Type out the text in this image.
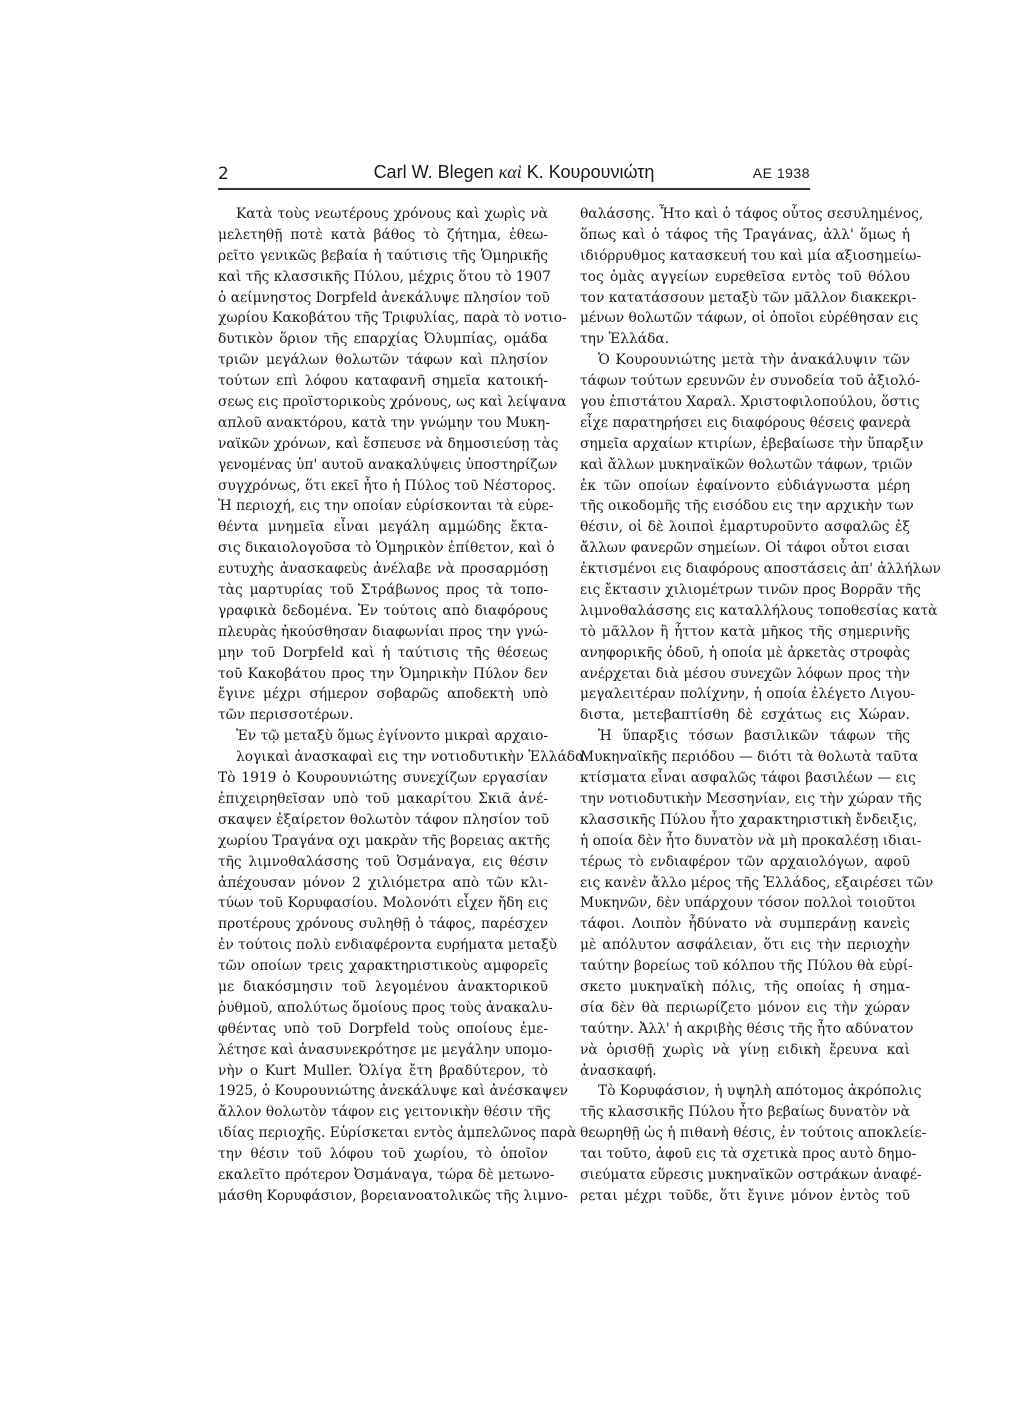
2	Carl W. Blegen καὶ Κ. Κουρουνιώτη	ΑΕ 1938
Κατὰ τοὺς νεωτέρους χρόνους καὶ χωρὶς νὰ
μελετηθῇ ποτὲ κατὰ βάθος τὸ ζήτημα, ἐθεω-
ρεῖτο γενικῶς βεβαία ἡ ταύτισις τῆς Ὁμηρικῆς
καὶ τῆς κλασσικῆς Πύλου, μέχρις ὅτου τὸ 1907
ὁ αείμνηστος Dorpfeld ἀνεκάλυψε πλησίον τοῦ
χωρίου Κακοβάτου τῆς Τριφυλίας, παρὰ τὸ νοτιο-
δυτικὸν ὅριον τῆς επαρχίας Ὀλυμπίας, ομάδα
τριῶν μεγάλων θολωτῶν τάφων καὶ πλησίον
τούτων επὶ λόφου καταφανῆ σημεῖα κατοική-
σεως εις προϊστορικοὺς χρόνους, ως καὶ λείψανα
απλοῦ ανακτόρου, κατὰ την γνώμην του Μυκη-
ναϊκῶν χρόνων, καὶ ἔσπευσε νὰ δημοσιεύσῃ τὰς
γενομένας ὑπ' αυτοῦ ανακαλύψεις ὑποστηρίζων
συγχρόνως, ὅτι εκεῖ ἦτο ἡ Πύλος τοῦ Νέστορος.
Ἡ περιοχή, εις την οποίαν εὑρίσκονται τὰ εὑρε-
θέντα μνημεῖα εἶναι μεγάλη αμμώδης ἔκτα-
σις δικαιολογοῦσα τὸ Ὁμηρικὸν ἐπίθετον, καὶ ὁ
ευτυχὴς ἀνασκαφεὺς ἀνέλαβε νὰ προσαρμόσῃ
τὰς μαρτυρίας τοῦ Στράβωνος προς τὰ τοπο-
γραφικὰ δεδομένα. Ἐν τούτοις απὸ διαφόρους
πλευρὰς ἠκούσθησαν διαφωνίαι προς την γνώ-
μην τοῦ Dorpfeld καὶ ἡ ταύτισις τῆς θέσεως
τοῦ Κακοβάτου προς την Ὁμηρικὴν Πύλον δεν
ἔγινε μέχρι σήμερον σοβαρῶς αποδεκτὴ υπὸ
τῶν περισσοτέρων.
Ἐν τῷ μεταξὺ ὅμως ἐγίνοντο μικραὶ αρχαιο-
λογικαὶ ἀνασκαφαὶ εις την νοτιοδυτικὴν Ἑλλάδα.
Τὸ 1919 ὁ Κουρουνιώτης συνεχίζων εργασίαν
ἐπιχειρηθεῖσαν υπὸ τοῦ μακαρίτου Σκιᾶ ἀνέ-
σκαψεν ἐξαίρετον θολωτὸν τάφον πλησίον τοῦ
χωρίου Τραγάνα οχι μακρὰν τῆς βορειας ακτῆς
τῆς λιμνοθαλάσσης τοῦ Ὀσμάναγα, εις θέσιν
ἀπέχουσαν μόνον 2 χιλιόμετρα απὸ τῶν κλι-
τύων τοῦ Κορυφασίου. Μολονότι εἶχεν ἤδη εις
προτέρους χρόνους συληθῇ ὁ τάφος, παρέσχεν
ἐν τούτοις πολὺ ενδιαφέροντα ευρήματα μεταξὺ
τῶν οποίων τρεις χαρακτηριστικοὺς αμφορεῖς
με διακόσμησιν τοῦ λεγομένου ἀνακτορικοῦ
ῥυθμοῦ, απολύτως ὅμοίους προς τοὺς ἀνακαλυ-
φθέντας υπὸ τοῦ Dorpfeld τοὺς οποίους ἐμε-
λέτησε καὶ ἀνασυνεκρότησε με μεγάλην υπομο-
νὴν ο Kurt Muller. Ὀλίγα ἔτη βραδύτερον, τὸ
1925, ὁ Κουρουνιώτης ἀνεκάλυψε καὶ ἀνέσκαψεν
ἄλλον θολωτὸν τάφον εις γειτονικὴν θέσιν τῆς
ιδίας περιοχῆς. Εὑρίσκεται εντὸς ἀμπελῶνος παρὰ
την θέσιν τοῦ λόφου τοῦ χωρίου, τὸ ὁποῖον
εκαλεῖτο πρότερον Ὀσμάναγα, τώρα δὲ μετωνο-
μάσθη Κορυφάσιον, βορειανοατολικῶς τῆς λιμνο-
θαλάσσης. Ἦτο καὶ ὁ τάφος οὗτος σεσυλημένος,
ὅπως καὶ ὁ τάφος τῆς Τραγάνας, ἀλλ' ὅμως ἡ
ιδιόρρυθμος κατασκευή του καὶ μία αξιοσημείω-
τος ὁμὰς αγγείων ευρεθεῖσα εντὸς τοῦ θόλου
τον κατατάσσουν μεταξὺ τῶν μᾶλλον διακεκρι-
μένων θολωτῶν τάφων, οἱ ὁποῖοι εὑρέθησαν εις
την Ἑλλάδα.
Ὁ Κουρουνιώτης μετὰ τὴν ἀνακάλυψιν τῶν
τάφων τούτων ερευνῶν ἐν συνοδεία τοῦ ἀξιολό-
γου ἐπιστάτου Χαραλ. Χριστοφιλοπούλου, ὅστις
εἶχε παρατηρήσει εις διαφόρους θέσεις φανερὰ
σημεῖα αρχαίων κτιρίων, ἐβεβαίωσε τὴν ὕπαρξιν
καὶ ἄλλων μυκηναϊκῶν θολωτῶν τάφων, τριῶν
ἐκ τῶν οποίων ἐφαίνοντο εὐδιάγνωστα μέρη
τῆς οικοδομῆς τῆς εισόδου εις την αρχικὴν των
θέσιν, οἱ δὲ λοιποὶ ἐμαρτυροῦντο ασφαλῶς ἐξ
ἄλλων φανερῶν σημείων. Οἱ τάφοι οὗτοι εισαι
ἐκτισμένοι εις διαφόρους αποστάσεις ἀπ' ἀλλήλων
εις ἔκτασιν χιλιομέτρων τινῶν προς Βορρᾶν τῆς
λιμνοθαλάσσης εις καταλλήλους τοποθεσίας κατὰ
τὸ μᾶλλον ἢ ἧττον κατὰ μῆκος τῆς σημερινῆς
ανηφορικῆς ὁδοῦ, ἡ οποία μὲ ἀρκετὰς στροφὰς
ανέρχεται διὰ μέσου συνεχῶν λόφων προς τὴν
μεγαλειτέραν πολίχνην, ἡ οποία ἐλέγετο Λιγου-
διστα, μετεβαπτίσθη δὲ εσχάτως εις Χώραν.
Ἡ ὕπαρξις τόσων βασιλικῶν τάφων τῆς
Μυκηναϊκῆς περιόδου — διότι τὰ θολωτὰ ταῦτα
κτίσματα εἶναι ασφαλῶς τάφοι βασιλέων — εις
την νοτιοδυτικὴν Μεσσηνίαν, εις τὴν χώραν τῆς
κλασσικῆς Πύλου ἦτο χαρακτηριστικὴ ἔνδειξις,
ἡ οποία δὲν ἦτο δυνατὸν νὰ μὴ προκαλέσῃ ιδιαι-
τέρως τὸ ενδιαφέρον τῶν αρχαιολόγων, αφοῦ
εις κανὲν ἄλλο μέρος τῆς Ἑλλάδος, εξαιρέσει τῶν
Μυκηνῶν, δὲν υπάρχουν τόσον πολλοὶ τοιοῦτοι
τάφοι. Λοιπὸν ἦδύνατο νὰ συμπεράνῃ κανεὶς
μὲ απόλυτον ασφάλειαν, ὅτι εις τὴν περιοχὴν
ταύτην βορείως τοῦ κόλπου τῆς Πύλου θὰ εὑρί-
σκετο μυκηναϊκὴ πόλις, τῆς οποίας ἡ σημα-
σία δὲν θὰ περιωρίζετο μόνον εις τὴν χώραν
ταύτην. Ἀλλ' ἡ ακριβὴς θέσις τῆς ἦτο αδύνατον
νὰ ὁρισθῇ χωρὶς νὰ γίνῃ ειδικὴ ἔρευνα καὶ
ἀνασκαφή.
Τὸ Κορυφάσιον, ἡ υψηλὴ απότομος ἀκρόπολις
τῆς κλασσικῆς Πύλου ἦτο βεβαίως δυνατὸν νὰ
θεωρηθῇ ὡς ἡ πιθανὴ θέσις, ἐν τούτοις αποκλείε-
ται τοῦτο, ἀφοῦ εις τὰ σχετικὰ προς αυτὸ δημο-
σιεύματα εὕρεσις μυκηναϊκῶν οστράκων ἀναφέ-
ρεται μέχρι τοῦδε, ὅτι ἔγινε μόνον ἐντὸς τοῦ
